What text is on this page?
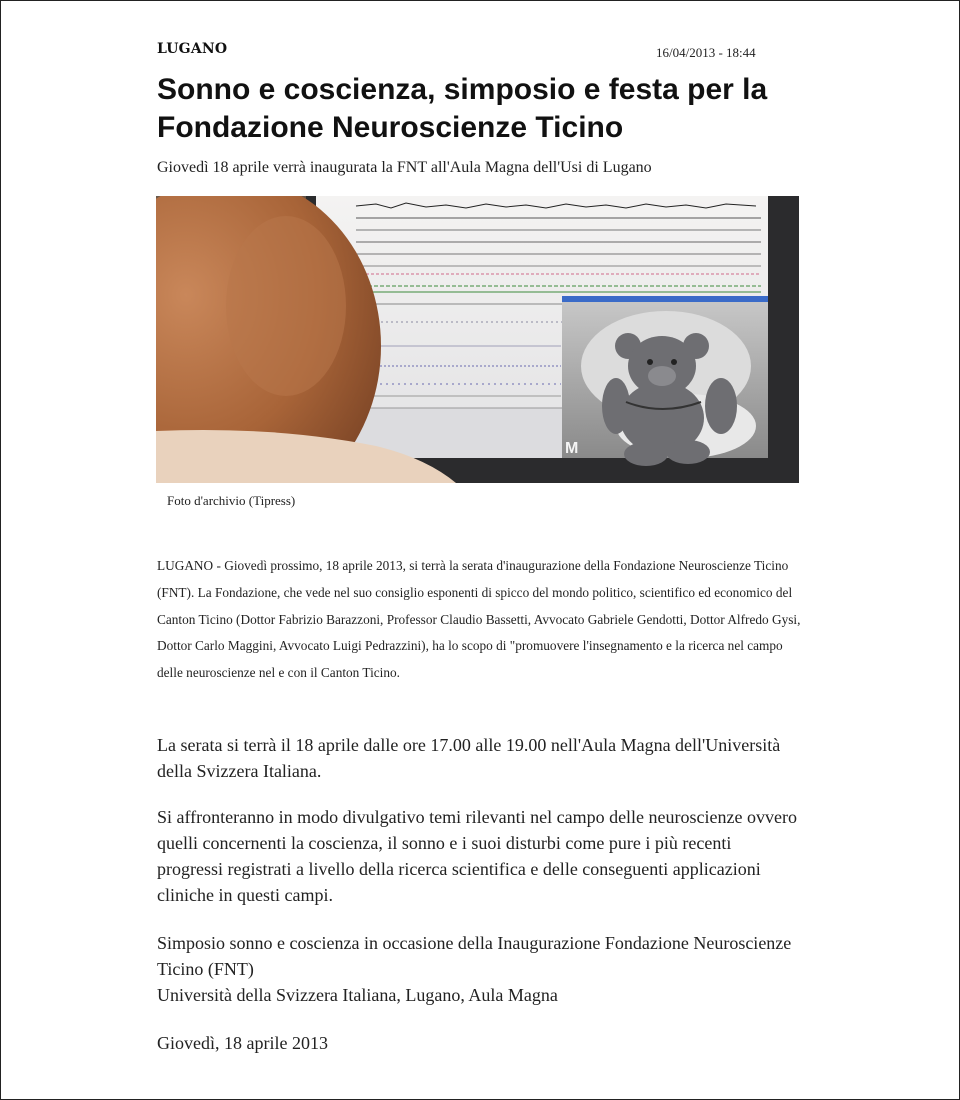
LUGANO	16/04/2013 - 18:44
Sonno e coscienza, simposio e festa per la Fondazione Neuroscienze Ticino

Giovedì 18 aprile verrà inaugurata la FNT all'Aula Magna dell'Usi di Lugano

M
Foto d'archivio (Tipress)

LUGANO - Giovedì prossimo, 18 aprile 2013, si terrà la serata d'inaugurazione della Fondazione Neuroscienze Ticino (FNT). La Fondazione, che vede nel suo consiglio esponenti di spicco del mondo politico, scientifico ed economico del Canton Ticino (Dottor Fabrizio Barazzoni, Professor Claudio Bassetti, Avvocato Gabriele Gendotti, Dottor Alfredo Gysi, Dottor Carlo Maggini, Avvocato Luigi Pedrazzini), ha lo scopo di "promuovere l'insegnamento e la ricerca nel campo delle neuroscienze nel e con il Canton Ticino.

La serata si terrà il 18 aprile dalle ore 17.00 alle 19.00 nell'Aula Magna dell'Università della Svizzera Italiana.

Si affronteranno in modo divulgativo temi rilevanti nel campo delle neuroscienze ovvero quelli concernenti la coscienza, il sonno e i suoi disturbi come pure i più recenti progressi registrati a livello della ricerca scientifica e delle conseguenti applicazioni cliniche in questi campi.

Simposio sonno e coscienza in occasione della Inaugurazione Fondazione Neuroscienze Ticino (FNT)
Università della Svizzera Italiana, Lugano, Aula Magna

Giovedì, 18 aprile 2013
